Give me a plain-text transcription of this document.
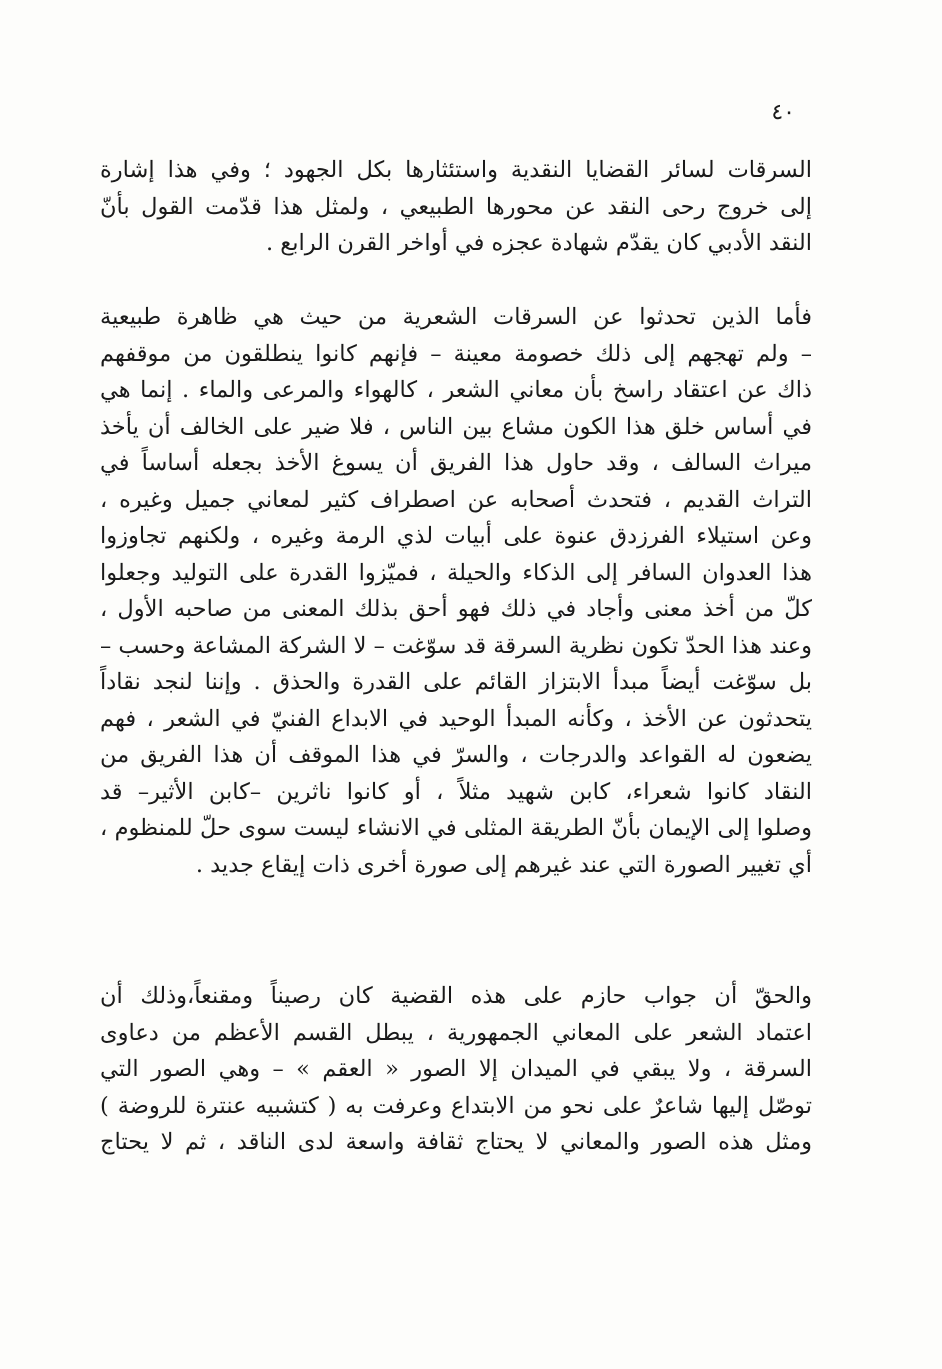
٤٠
السرقات لسائر القضايا النقدية واستئثارها بكل الجهود ؛ وفي هذا إشارة
إلى خروج رحى النقد عن محورها الطبيعي ، ولمثل هذا قدّمت القول بأنّ
النقد الأدبي كان يقدّم شهادة عجزه في أواخر القرن الرابع .
فأما الذين تحدثوا عن السرقات الشعرية من حيث هي ظاهرة طبيعية
– ولم تهجهم إلى ذلك خصومة معينة – فإنهم كانوا ينطلقون من موقفهم
ذاك عن اعتقاد راسخ بأن معاني الشعر ، كالهواء والمرعى والماء . إنما هي
في أساس خلق هذا الكون مشاع بين الناس ، فلا ضير على الخالف أن يأخذ
ميراث السالف ، وقد حاول هذا الفريق أن يسوغ الأخذ بجعله أساساً في
التراث القديم ، فتحدث أصحابه عن اصطراف كثير لمعاني جميل وغيره ،
وعن استيلاء الفرزدق عنوة على أبيات لذي الرمة وغيره ، ولكنهم تجاوزوا
هذا العدوان السافر إلى الذكاء والحيلة ، فميّزوا القدرة على التوليد وجعلوا
كلّ من أخذ معنى وأجاد في ذلك فهو أحق بذلك المعنى من صاحبه الأول ،
وعند هذا الحدّ تكون نظرية السرقة قد سوّغت – لا الشركة المشاعة وحسب –
بل سوّغت أيضاً مبدأ الابتزاز القائم على القدرة والحذق . وإننا لنجد نقاداً
يتحدثون عن الأخذ ، وكأنه المبدأ الوحيد في الابداع الفنيّ في الشعر ، فهم
يضعون له القواعد والدرجات ، والسرّ في هذا الموقف أن هذا الفريق من
النقاد كانوا شعراء، كابن شهيد مثلاً ، أو كانوا ناثرين –كابن الأثير– قد
وصلوا إلى الإيمان بأنّ الطريقة المثلى في الانشاء ليست سوى حلّ للمنظوم ،
أي تغيير الصورة التي عند غيرهم إلى صورة أخرى ذات إيقاع جديد .
والحقّ أن جواب حازم على هذه القضية كان رصيناً ومقنعاً،وذلك أن
اعتماد الشعر على المعاني الجمهورية ، يبطل القسم الأعظم من دعاوى
السرقة ، ولا يبقي في الميدان إلا الصور « العقم » – وهي الصور التي
توصّل إليها شاعرٌ على نحو من الابتداع وعرفت به ( كتشبيه عنترة للروضة )
ومثل هذه الصور والمعاني لا يحتاج ثقافة واسعة لدى الناقد ، ثم لا يحتاج
